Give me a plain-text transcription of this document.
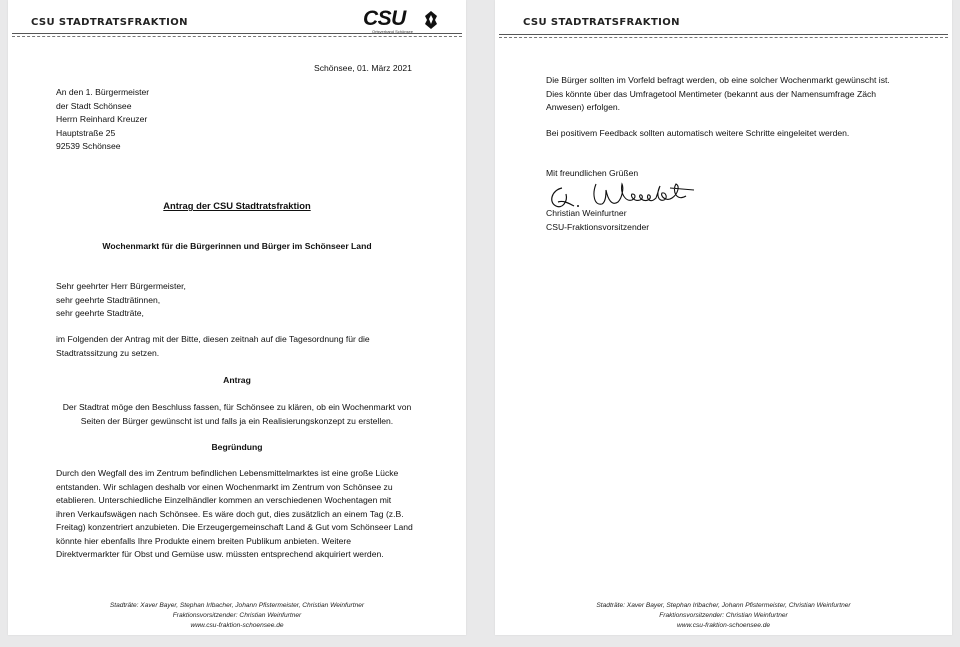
CSU STADTRATSFRAKTION	CSU
Ortsverband Schönsee
Schönsee, 01. März 2021
An den 1. Bürgermeister
der Stadt Schönsee
Herrn Reinhard Kreuzer
Hauptstraße 25
92539 Schönsee
Antrag der CSU Stadtratsfraktion
Wochenmarkt für die Bürgerinnen und Bürger im Schönseer Land
Sehr geehrter Herr Bürgermeister,
sehr geehrte Stadträtinnen,
sehr geehrte Stadträte,
im Folgenden der Antrag mit der Bitte, diesen zeitnah auf die Tagesordnung für die
Stadtratssitzung zu setzen.
Antrag
Der Stadtrat möge den Beschluss fassen, für Schönsee zu klären, ob ein Wochenmarkt von
Seiten der Bürger gewünscht ist und falls ja ein Realisierungskonzept zu erstellen.
Begründung
Durch den Wegfall des im Zentrum befindlichen Lebensmittelmarktes ist eine große Lücke
entstanden. Wir schlagen deshalb vor einen Wochenmarkt im Zentrum von Schönsee zu
etablieren. Unterschiedliche Einzelhändler kommen an verschiedenen Wochentagen mit
ihren Verkaufswägen nach Schönsee. Es wäre doch gut, dies zusätzlich an einem Tag (z.B.
Freitag) konzentriert anzubieten. Die Erzeugergemeinschaft Land & Gut vom Schönseer Land
könnte hier ebenfalls Ihre Produkte einem breiten Publikum anbieten. Weitere
Direktvermarkter für Obst und Gemüse usw. müssten entsprechend akquiriert werden.
Stadträte: Xaver Bayer, Stephan Irlbacher, Johann Pfistermeister, Christian Weinfurtner
Fraktionsvorsitzender: Christian Weinfurtner
www.csu-fraktion-schoensee.de
CSU STADTRATSFRAKTION
Die Bürger sollten im Vorfeld befragt werden, ob eine solcher Wochenmarkt gewünscht ist.
Dies könnte über das Umfragetool Mentimeter (bekannt aus der Namensumfrage Zäch
Anwesen) erfolgen.
Bei positivem Feedback sollten automatisch weitere Schritte eingeleitet werden.
Mit freundlichen Grüßen
Christian Weinfurtner
CSU-Fraktionsvorsitzender
Stadträte: Xaver Bayer, Stephan Irlbacher, Johann Pfistermeister, Christian Weinfurtner
Fraktionsvorsitzender: Christian Weinfurtner
www.csu-fraktion-schoensee.de
